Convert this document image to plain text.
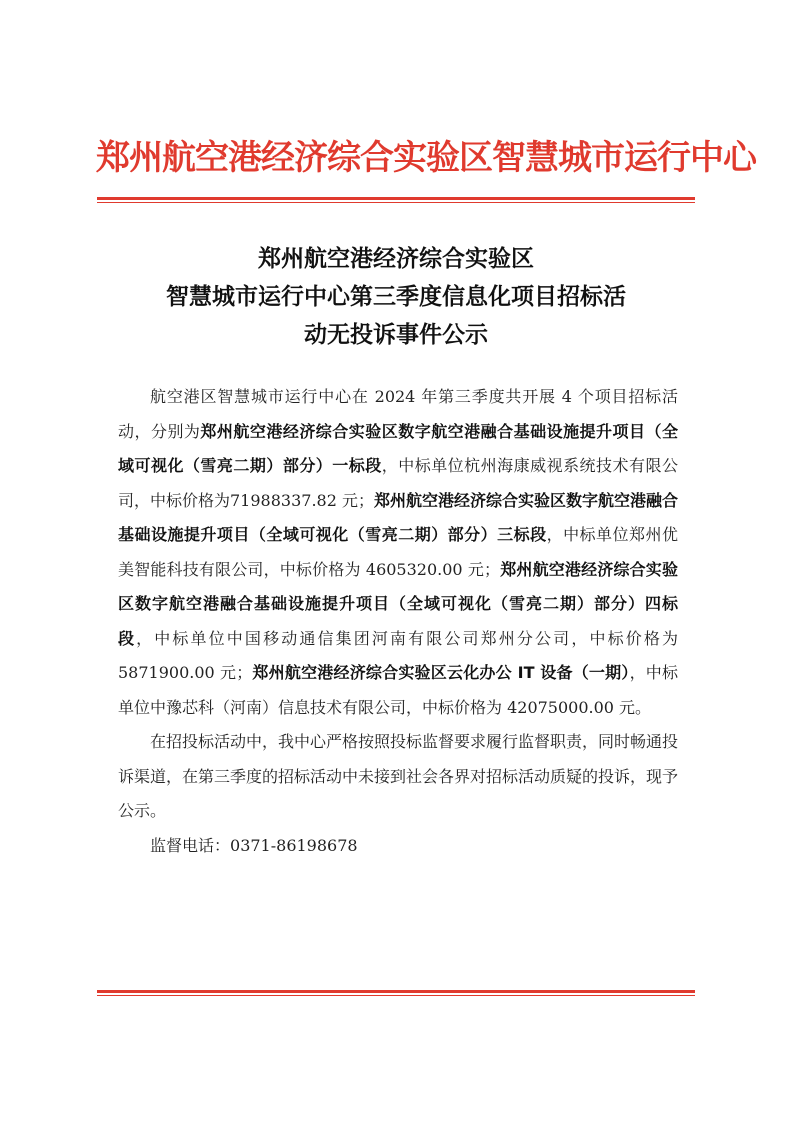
郑州航空港经济综合实验区智慧城市运行中心
郑州航空港经济综合实验区
智慧城市运行中心第三季度信息化项目招标活
动无投诉事件公示

航空港区智慧城市运行中心在 2024 年第三季度共开展 4 个项目招标活动，分别为郑州航空港经济综合实验区数字航空港融合基础设施提升项目（全域可视化（雪亮二期）部分）一标段，中标单位杭州海康威视系统技术有限公司，中标价格为71988337.82 元；郑州航空港经济综合实验区数字航空港融合基础设施提升项目（全域可视化（雪亮二期）部分）三标段，中标单位郑州优美智能科技有限公司，中标价格为 4605320.00 元；郑州航空港经济综合实验区数字航空港融合基础设施提升项目（全域可视化（雪亮二期）部分）四标段，中标单位中国移动通信集团河南有限公司郑州分公司，中标价格为 5871900.00 元；郑州航空港经济综合实验区云化办公 IT 设备（一期），中标单位中豫芯科（河南）信息技术有限公司，中标价格为 42075000.00 元。

在招投标活动中，我中心严格按照投标监督要求履行监督职责，同时畅通投诉渠道，在第三季度的招标活动中未接到社会各界对招标活动质疑的投诉，现予公示。

监督电话：0371-86198678
